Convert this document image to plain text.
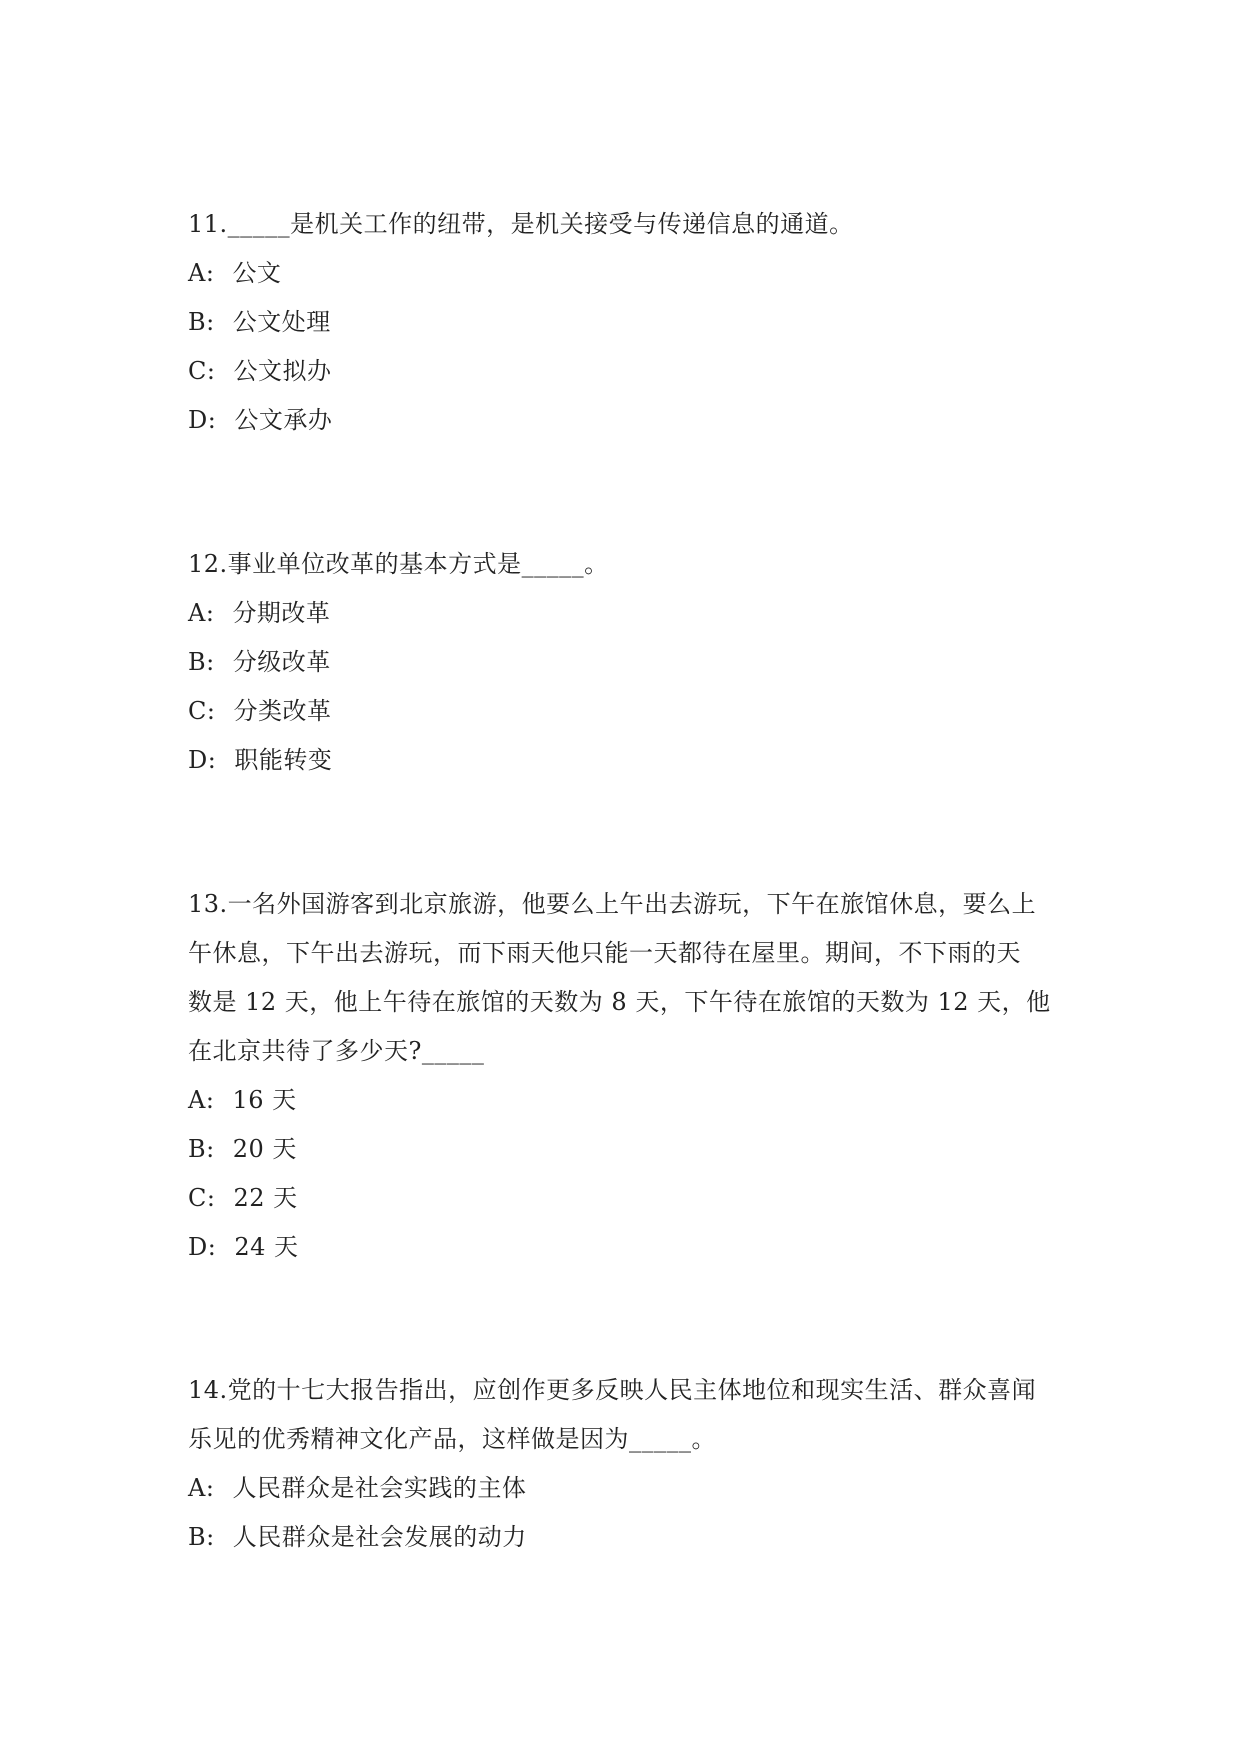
11._____是机关工作的纽带，是机关接受与传递信息的通道。

A: 公文

B: 公文处理

C: 公文拟办

D: 公文承办

12.事业单位改革的基本方式是_____。

A: 分期改革

B: 分级改革

C: 分类改革

D: 职能转变

13.一名外国游客到北京旅游，他要么上午出去游玩，下午在旅馆休息，要么上

午休息，下午出去游玩，而下雨天他只能一天都待在屋里。期间，不下雨的天

数是 12 天，他上午待在旅馆的天数为 8 天，下午待在旅馆的天数为 12 天，他

在北京共待了多少天?_____

A: 16 天

B: 20 天

C: 22 天

D: 24 天

14.党的十七大报告指出，应创作更多反映人民主体地位和现实生活、群众喜闻

乐见的优秀精神文化产品，这样做是因为_____。

A: 人民群众是社会实践的主体

B: 人民群众是社会发展的动力
